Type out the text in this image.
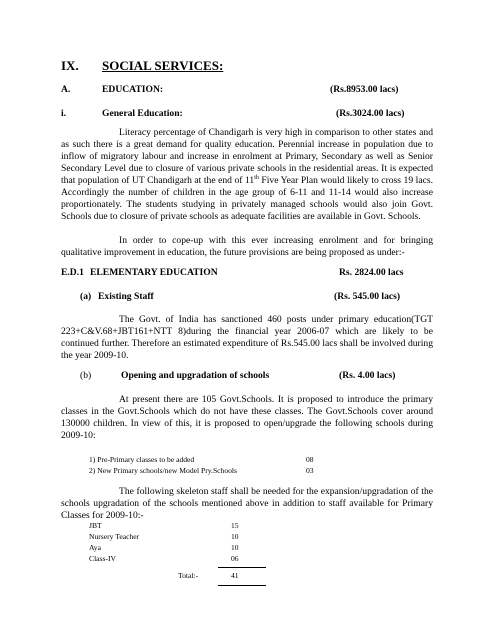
IX. SOCIAL SERVICES:
A.	EDUCATION:	(Rs.8953.00 lacs)
i.	General Education:	(Rs.3024.00 lacs)

Literacy percentage of Chandigarh is very high in comparison to other states and as such there is a great demand for quality education. Perennial increase in population due to inflow of migratory labour and increase in enrolment at Primary, Secondary as well as Senior Secondary Level due to closure of various private schools in the residential areas. It is expected that population of UT Chandigarh at the end of 11th Five Year Plan would likely to cross 19 lacs. Accordingly the number of children in the age group of 6-11 and 11-14 would also increase proportionately. The students studying in privately managed schools would also join Govt. Schools due to closure of private schools as adequate facilities are available in Govt. Schools.

In order to cope-up with this ever increasing enrolment and for bringing qualitative improvement in education, the future provisions are being proposed as under:-

E.D.1 ELEMENTARY EDUCATION	Rs. 2824.00 lacs
(a) Existing Staff	(Rs. 545.00 lacs)

The Govt. of India has sanctioned 460 posts under primary education(TGT 223+C&V.68+JBT161+NTT 8)during the financial year 2006-07 which are likely to be continued further. Therefore an estimated expenditure of Rs.545.00 lacs shall be involved during the year 2009-10.

(b)	Opening and upgradation of schools	(Rs. 4.00 lacs)

At present there are 105 Govt.Schools. It is proposed to introduce the primary classes in the Govt.Schools which do not have these classes. The Govt.Schools cover around 130000 children. In view of this, it is proposed to open/upgrade the following schools during 2009-10:

1) Pre-Primary classes to be added	08
2) New Primary schools/new Model Pry.Schools	03

The following skeleton staff shall be needed for the expansion/upgradation of the schools upgradation of the schools mentioned above in addition to staff available for Primary Classes for 2009-10:-

JBT	15
Nursery Teacher	10
Aya	10
Class-IV	06
Total:-	41
